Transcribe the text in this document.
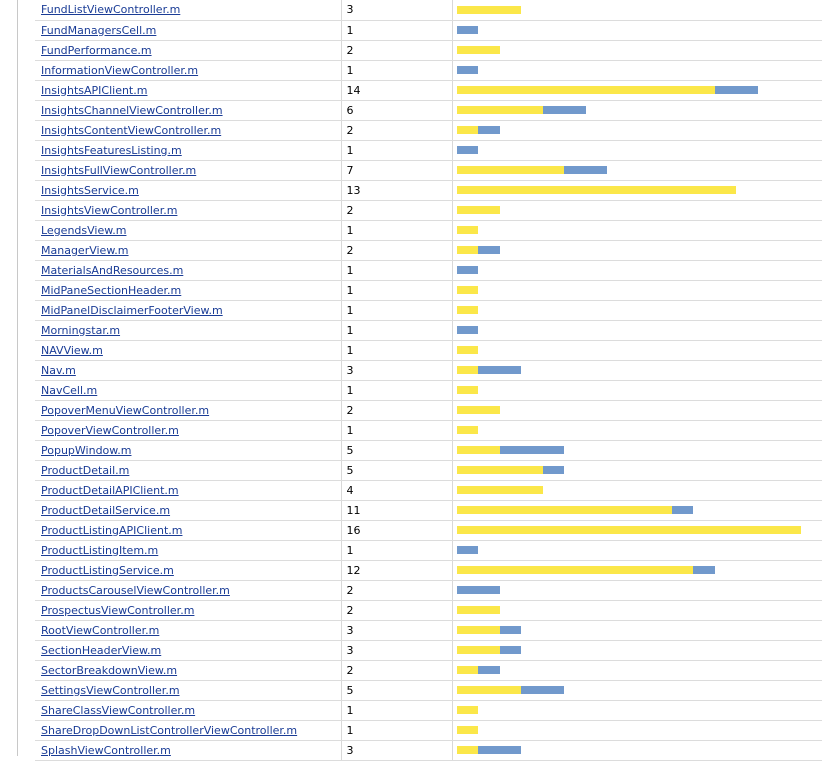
FundListViewController.m	3	

FundManagersCell.m	1	

FundPerformance.m	2	

InformationViewController.m	1	

InsightsAPIClient.m	14	

InsightsChannelViewController.m	6	

InsightsContentViewController.m	2	

InsightsFeaturesListing.m	1	

InsightsFullViewController.m	7	

InsightsService.m	13	

InsightsViewController.m	2	

LegendsView.m	1	

ManagerView.m	2	

MaterialsAndResources.m	1	

MidPaneSectionHeader.m	1	

MidPanelDisclaimerFooterView.m	1	

Morningstar.m	1	

NAVView.m	1	

Nav.m	3	

NavCell.m	1	

PopoverMenuViewController.m	2	

PopoverViewController.m	1	

PopupWindow.m	5	

ProductDetail.m	5	

ProductDetailAPIClient.m	4	

ProductDetailService.m	11	

ProductListingAPIClient.m	16	

ProductListingItem.m	1	

ProductListingService.m	12	

ProductsCarouselViewController.m	2	

ProspectusViewController.m	2	

RootViewController.m	3	

SectionHeaderView.m	3	

SectorBreakdownView.m	2	

SettingsViewController.m	5	

ShareClassViewController.m	1	

ShareDropDownListControllerViewController.m	1	

SplashViewController.m	3	
